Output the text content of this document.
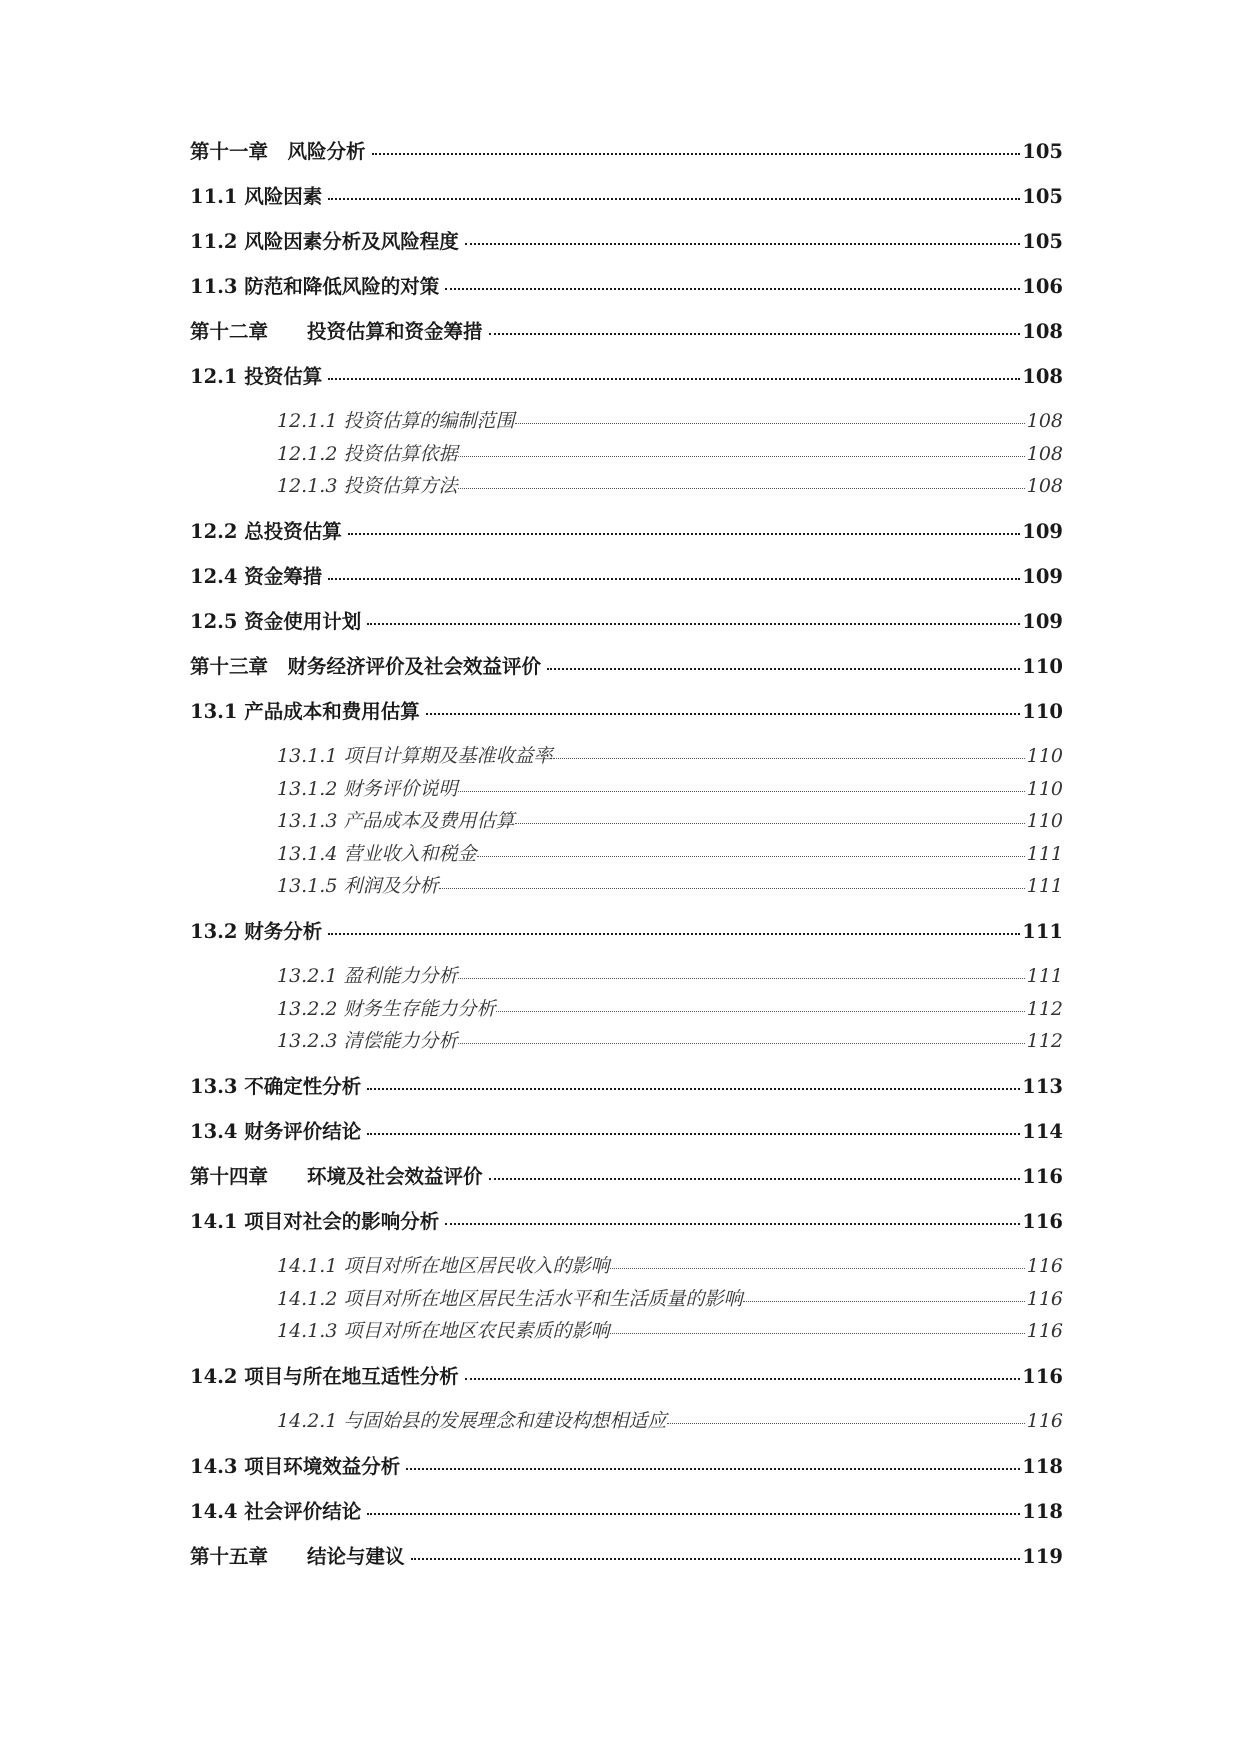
第十一章　风险分析	105
11.1 风险因素	105
11.2 风险因素分析及风险程度	105
11.3 防范和降低风险的对策	106
第十二章　　投资估算和资金筹措	108
12.1 投资估算	108
12.1.1 投资估算的编制范围	108
12.1.2 投资估算依据	108
12.1.3 投资估算方法	108
12.2 总投资估算	109
12.4 资金筹措	109
12.5 资金使用计划	109
第十三章　财务经济评价及社会效益评价	110
13.1 产品成本和费用估算	110
13.1.1 项目计算期及基准收益率	110
13.1.2 财务评价说明	110
13.1.3 产品成本及费用估算	110
13.1.4 营业收入和税金	111
13.1.5 利润及分析	111
13.2 财务分析	111
13.2.1 盈利能力分析	111
13.2.2 财务生存能力分析	112
13.2.3 清偿能力分析	112
13.3 不确定性分析	113
13.4 财务评价结论	114
第十四章　　环境及社会效益评价	116
14.1 项目对社会的影响分析	116
14.1.1 项目对所在地区居民收入的影响	116
14.1.2 项目对所在地区居民生活水平和生活质量的影响	116
14.1.3 项目对所在地区农民素质的影响	116
14.2 项目与所在地互适性分析	116
14.2.1 与固始县的发展理念和建设构想相适应	116
14.3 项目环境效益分析	118
14.4 社会评价结论	118
第十五章　　结论与建议	119
